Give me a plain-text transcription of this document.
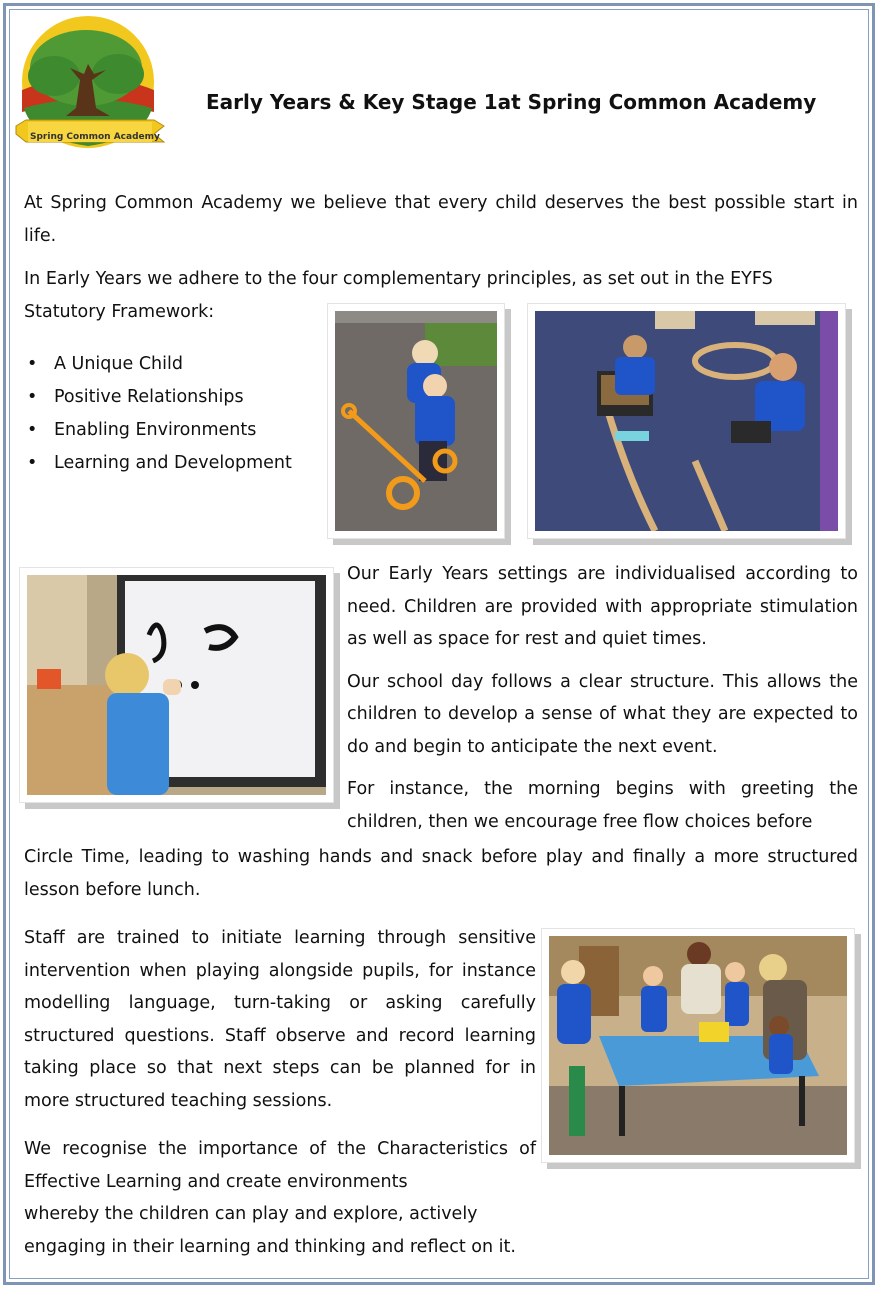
Spring Common Academy
Early Years & Key Stage 1at Spring Common Academy

At Spring Common Academy we believe that every child deserves the best possible start in life.

In Early Years we adhere to the four complementary principles, as set out in the EYFS Statutory Framework:

• A Unique Child
• Positive Relationships
• Enabling Environments
• Learning and Development

Our Early Years settings are individualised according to need. Children are provided with appropriate stimulation as well as space for rest and quiet times.

Our school day follows a clear structure. This allows the children to develop a sense of what they are expected to do and begin to anticipate the next event.

For instance, the morning begins with greeting the children, then we encourage free flow choices before

Circle Time, leading to washing hands and snack before play and finally a more structured lesson before lunch.

Staff are trained to initiate learning through sensitive intervention when playing alongside pupils, for instance modelling language, turn-taking or asking carefully structured questions. Staff observe and record learning taking place so that next steps can be planned for in more structured teaching sessions.

We recognise the importance of the Characteristics of Effective Learning and create environments

whereby the children can play and explore, actively

engaging in their learning and thinking and reflect on it.
